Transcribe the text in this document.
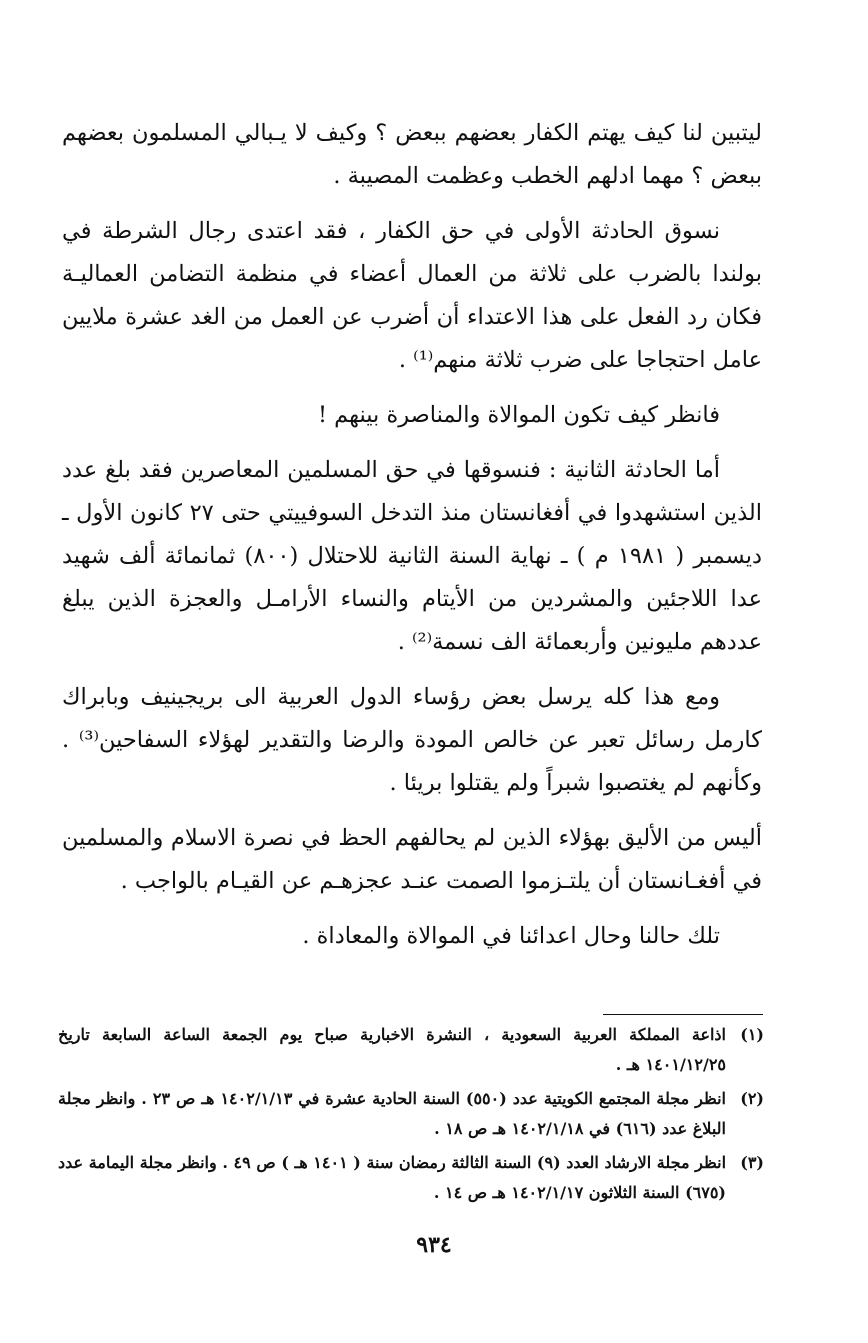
ليتبين لنا كيف يهتم الكفار بعضهم ببعض ؟ وكيف لا يـبالي المسلمون بعضهم ببعض ؟ مهما ادلهم الخطب وعظمت المصيبة .

نسوق الحادثة الأولى في حق الكفار ، فقد اعتدى رجال الشرطة في بولندا بالضرب على ثلاثة من العمال أعضاء في منظمة التضامن العماليـة فكان رد الفعل على هذا الاعتداء أن أضرب عن العمل من الغد عشرة ملايين عامل احتجاجا على ضرب ثلاثة منهم⁽¹⁾ .

فانظر كيف تكون الموالاة والمناصرة بينهم !

أما الحادثة الثانية : فنسوقها في حق المسلمين المعاصرين فقد بلغ عدد الذين استشهدوا في أفغانستان منذ التدخل السوفييتي حتى ٢٧ كانون الأول ـ ديسمبر ( ١٩٨١ م ) ـ نهاية السنة الثانية للاحتلال (٨٠٠) ثمانمائة ألف شهيد عدا اللاجئين والمشردين من الأيتام والنساء الأرامـل والعجزة الذين يبلغ عددهم مليونين وأربعمائة الف نسمة⁽²⁾ .

ومع هذا كله يرسل بعض رؤساء الدول العربية الى بريجينيف وبابراك كارمل رسائل تعبر عن خالص المودة والرضا والتقدير لهؤلاء السفاحين⁽³⁾ . وكأنهم لم يغتصبوا شبراً ولم يقتلوا بريئا .

أليس من الأليق بهؤلاء الذين لم يحالفهم الحظ في نصرة الاسلام والمسلمين في أفغـانستان أن يلتـزموا الصمت عنـد عجزهـم عن القيـام بالواجب .

تلك حالنا وحال اعدائنا في الموالاة والمعاداة .

(١)
اذاعة المملكة العربية السعودية ، النشرة الاخبارية صباح يوم الجمعة الساعة السابعة تاريخ ١٤٠١/١٢/٢٥ هـ .
(٢)
انظر مجلة المجتمع الكويتية عدد (٥٥٠) السنة الحادية عشرة في ١٤٠٢/١/١٣ هـ ص ٢٣ . وانظر مجلة البلاغ عدد (٦١٦) في ١٤٠٢/١/١٨ هـ ص ١٨ .
(٣)
انظر مجلة الارشاد العدد (٩) السنة الثالثة رمضان سنة ( ١٤٠١ هـ ) ص ٤٩ . وانظر مجلة اليمامة عدد (٦٧٥) السنة الثلاثون ١٤٠٢/١/١٧ هـ ص ١٤ .
٩٣٤
